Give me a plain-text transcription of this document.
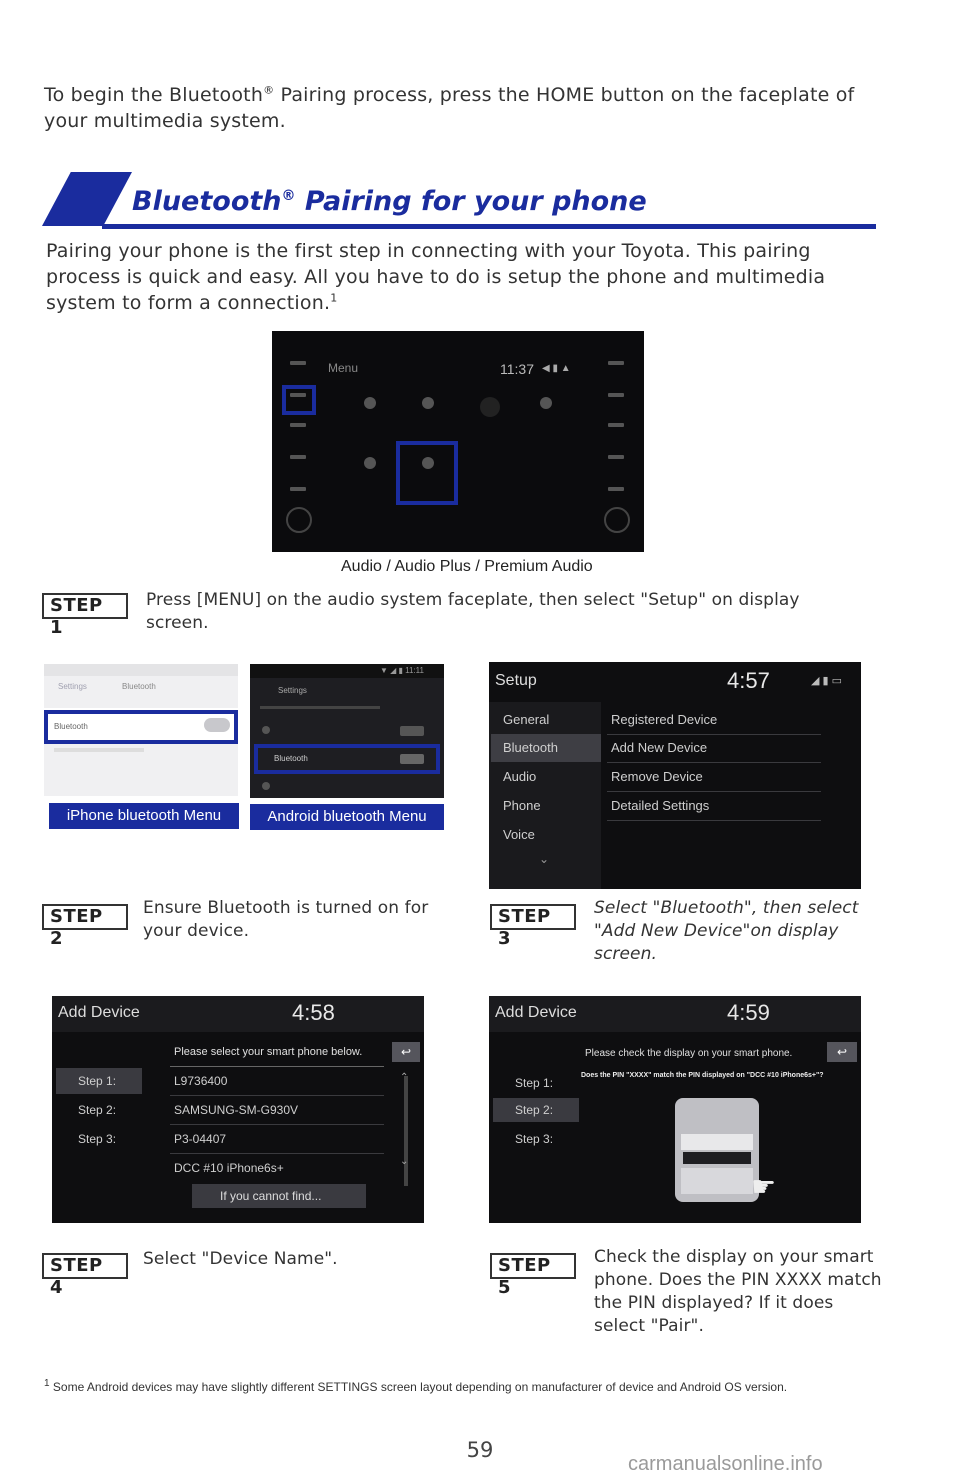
To begin the Bluetooth® Pairing process, press the HOME button on the faceplate of your multimedia system.

Bluetooth® Pairing for your phone

Pairing your phone is the first step in connecting with your Toyota. This pairing process is quick and easy. All you have to do is setup the phone and multimedia system to form a connection.$^1$

Menu	11:37 ◀ ▮ ▲
Audio / Audio Plus / Premium Audio
STEP 1

Press [MENU] on the audio system faceplate, then select "Setup" on display screen.

Settings	Bluetooth
Bluetooth
iPhone bluetooth Menu
▼ ◢ ▮ 11:11
Settings
Bluetooth
Android bluetooth Menu
Setup	4:57	◢ ▮ ▭
General
Bluetooth
Audio
Phone
Voice
⌄
Registered Device
Add New Device
Remove Device
Detailed Settings
STEP 2

Ensure Bluetooth is turned on for your device.

STEP 3

Select "Bluetooth", then select "Add New Device"on display screen.

Add Device	4:58
Step 1:
Step 2:
Step 3:
Please select your smart phone below.	↩
L9736400
SAMSUNG-SM-G930V
P3-04407
DCC #10 iPhone6s+
⌃
⌄
If you cannot find...
Add Device	4:59
Step 1:
Step 2:
Step 3:
Please check the display on your smart phone.	↩
Does the PIN "XXXX" match the PIN displayed on "DCC #10 iPhone6s+"?
☛
STEP 4

Select "Device Name".	STEP 5

Check the display on your smart phone. Does the PIN XXXX match the PIN displayed? If it does select "Pair".

$^1$ Some Android devices may have slightly different SETTINGS screen layout depending on manufacturer of device and Android OS version.

59
carmanualsonline.info
